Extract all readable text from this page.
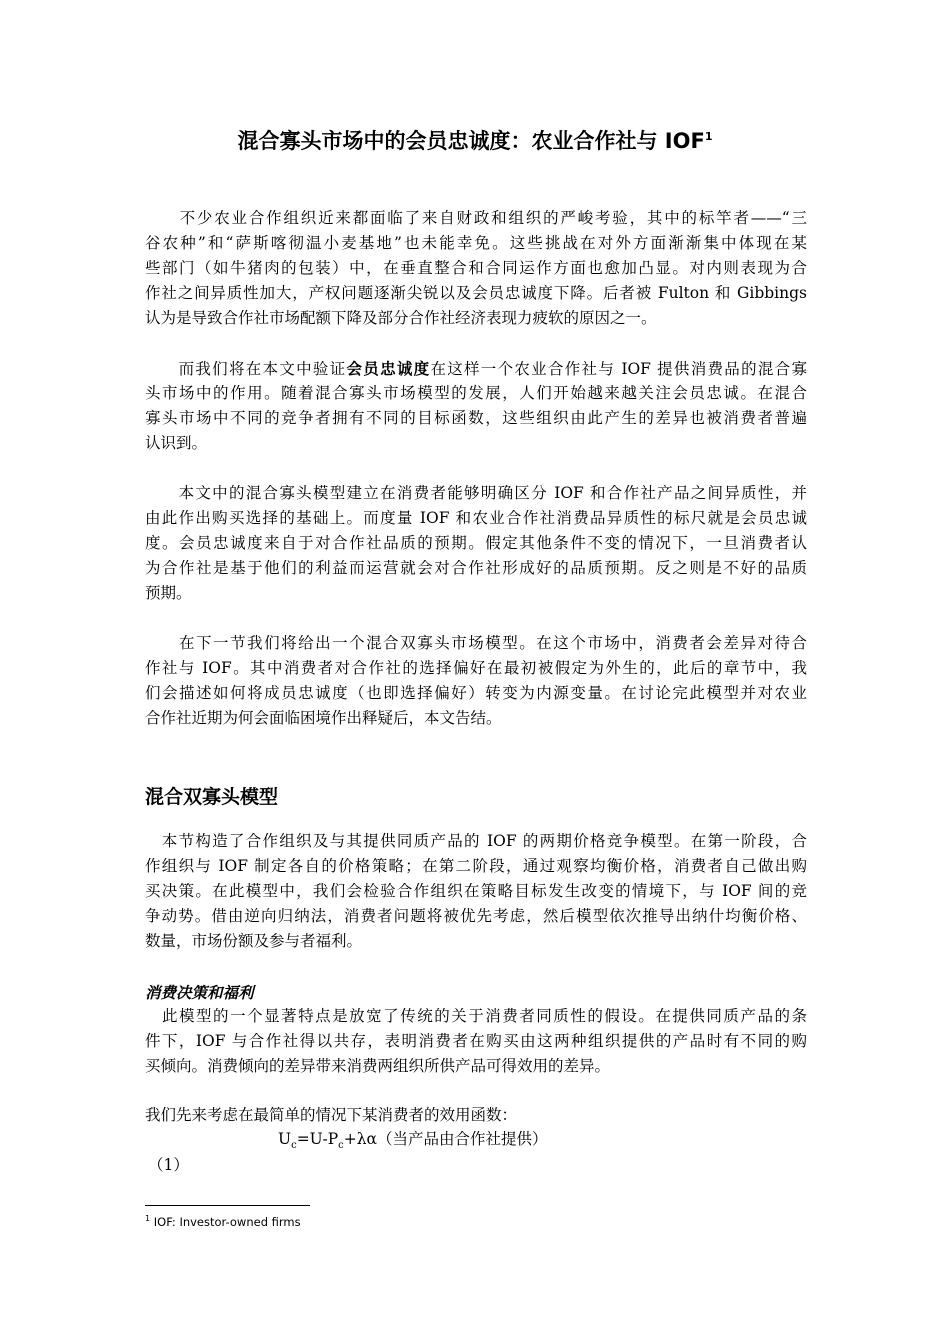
混合寡头市场中的会员忠诚度：农业合作社与 IOF$^1$
　　不少农业合作组织近来都面临了来自财政和组织的严峻考验，其中的标竿者——“三
谷农种”和“萨斯喀彻温小麦基地”也未能幸免。这些挑战在对外方面渐渐集中体现在某
些部门（如牛猪肉的包装）中，在垂直整合和合同运作方面也愈加凸显。对内则表现为合
作社之间异质性加大，产权问题逐渐尖锐以及会员忠诚度下降。后者被 Fulton 和 Gibbings
认为是导致合作社市场配额下降及部分合作社经济表现力疲软的原因之一。
　　而我们将在本文中验证会员忠诚度在这样一个农业合作社与 IOF 提供消费品的混合寡
头市场中的作用。随着混合寡头市场模型的发展，人们开始越来越关注会员忠诚。在混合
寡头市场中不同的竞争者拥有不同的目标函数，这些组织由此产生的差异也被消费者普遍
认识到。
　　本文中的混合寡头模型建立在消费者能够明确区分 IOF 和合作社产品之间异质性，并
由此作出购买选择的基础上。而度量 IOF 和农业合作社消费品异质性的标尺就是会员忠诚
度。会员忠诚度来自于对合作社品质的预期。假定其他条件不变的情况下，一旦消费者认
为合作社是基于他们的利益而运营就会对合作社形成好的品质预期。反之则是不好的品质
预期。
　　在下一节我们将给出一个混合双寡头市场模型。在这个市场中，消费者会差异对待合
作社与 IOF。其中消费者对合作社的选择偏好在最初被假定为外生的，此后的章节中，我
们会描述如何将成员忠诚度（也即选择偏好）转变为内源变量。在讨论完此模型并对农业
合作社近期为何会面临困境作出释疑后，本文告结。
混合双寡头模型
　本节构造了合作组织及与其提供同质产品的 IOF 的两期价格竞争模型。在第一阶段，合
作组织与 IOF 制定各自的价格策略；在第二阶段，通过观察均衡价格，消费者自己做出购
买决策。在此模型中，我们会检验合作组织在策略目标发生改变的情境下，与 IOF 间的竞
争动势。借由逆向归纳法，消费者问题将被优先考虑，然后模型依次推导出纳什均衡价格、
数量，市场份额及参与者福利。
消费决策和福利
　此模型的一个显著特点是放宽了传统的关于消费者同质性的假设。在提供同质产品的条
件下，IOF 与合作社得以共存，表明消费者在购买由这两种组织提供的产品时有不同的购
买倾向。消费倾向的差异带来消费两组织所供产品可得效用的差异。
我们先来考虑在最简单的情况下某消费者的效用函数：
$U_c=U-P_c+\lambda\alpha$（当产品由合作社提供）
（1）
$^1$ IOF: Investor-owned firms
